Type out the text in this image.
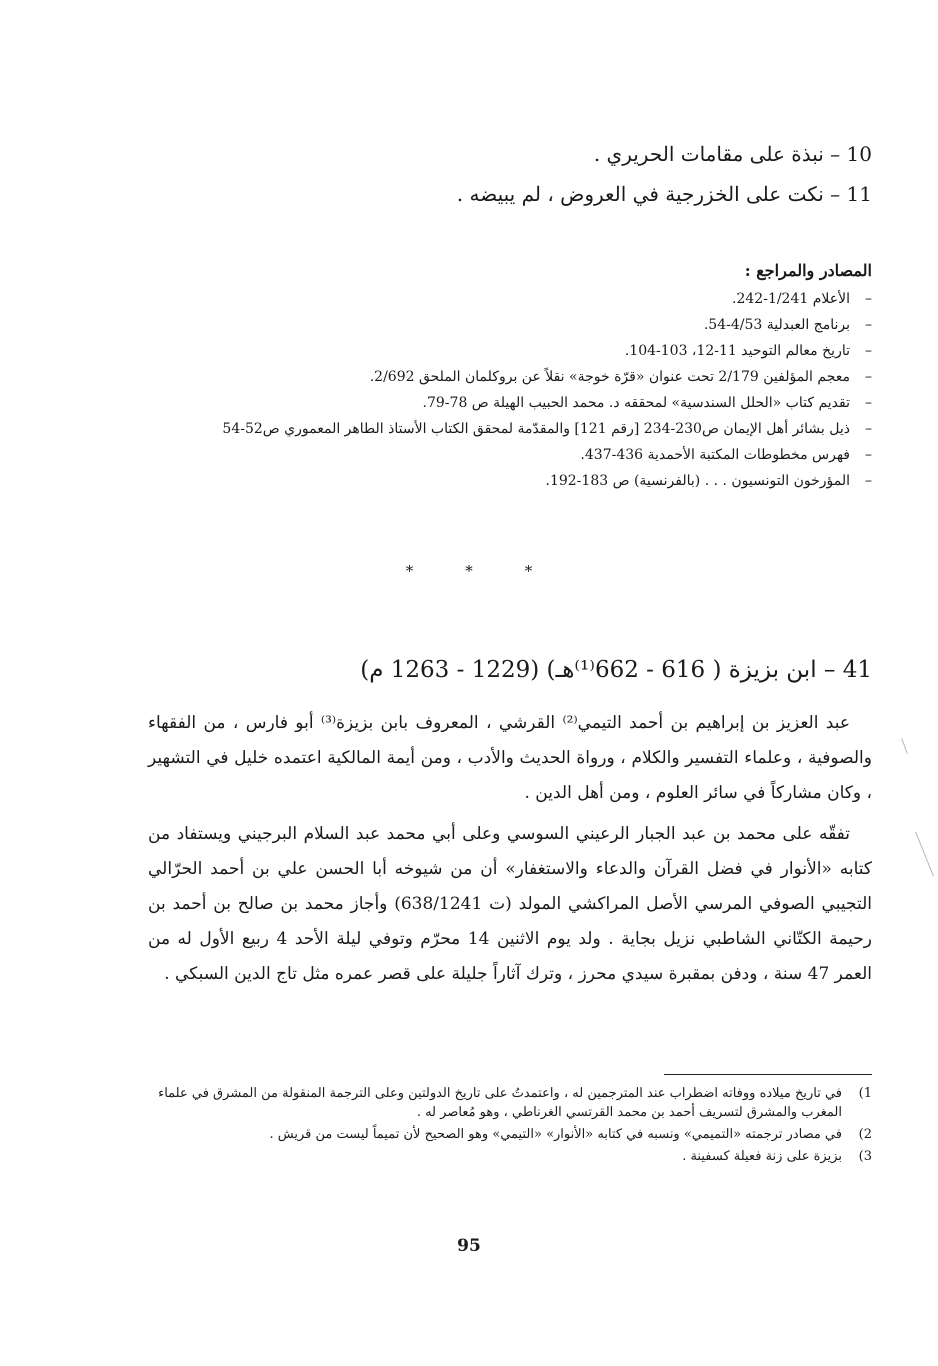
10 – نبذة على مقامات الحريري .
11 – نكت على الخزرجية في العروض ، لم يبيضه .
المصادر والمراجع :
–الأعلام 1/241-242.
–برنامج العبدلية 4/53-54.
–تاريخ معالم التوحيد 11-12، 103-104.
–معجم المؤلفين 2/179 تحت عنوان «قرّة خوجة» نقلاً عن بروكلمان الملحق 2/692.
–تقديم كتاب «الحلل السندسية» لمحققه د. محمد الحبيب الهيلة ص 78-79.
–ذيل بشائر أهل الإيمان ص230-234 [رقم 121] والمقدّمة لمحقق الكتاب الأستاذ الطاهر المعموري ص52-54
–فهرس مخطوطات المكتبة الأحمدية 436-437.
–المؤرخون التونسيون . . . (بالفرنسية) ص 183-192.
*	*	*
41 – ابن بزيزة ( 616 - 662⁽¹⁾هـ) (1229 - 1263 م)

عبد العزيز بن إبراهيم بن أحمد التيمي⁽²⁾ القرشي ، المعروف بابن بزيزة⁽³⁾ أبو فارس ، من الفقهاء والصوفية ، وعلماء التفسير والكلام ، ورواة الحديث والأدب ، ومن أيمة المالكية اعتمده خليل في التشهير ، وكان مشاركاً في سائر العلوم ، ومن أهل الدين .

تفقّه على محمد بن عبد الجبار الرعيني السوسي وعلى أبي محمد عبد السلام البرجيني ويستفاد من كتابه «الأنوار في فضل القرآن والدعاء والاستغفار» أن من شيوخه أبا الحسن علي بن أحمد الحرّالي التجيبي الصوفي المرسي الأصل المراكشي المولد (ت 638/1241) وأجاز محمد بن صالح بن أحمد بن رحيمة الكتّاني الشاطبي نزيل بجاية . ولد يوم الاثنين 14 محرّم وتوفي ليلة الأحد 4 ربيع الأول له من العمر 47 سنة ، ودفن بمقبرة سيدي محرز ، وترك آثاراً جليلة على قصر عمره مثل تاج الدين السبكي .

1)
في تاريخ ميلاده ووفاته اضطراب عند المترجمين له ، واعتمدتُ على تاريخ الدولتين وعلى الترجمة المنقولة من المشرق في علماء المغرب والمشرق لتسريف أحمد بن محمد القرتسي الغرناطي ، وهو مُعاصر له .
2)
في مصادر ترجمته «التميمي» ونسبه في كتابه «الأنوار» «التيمي» وهو الصحيح لأن تميماً ليست من قريش .
3)
بزيزة على زنة فعيلة كسفينة .
95
